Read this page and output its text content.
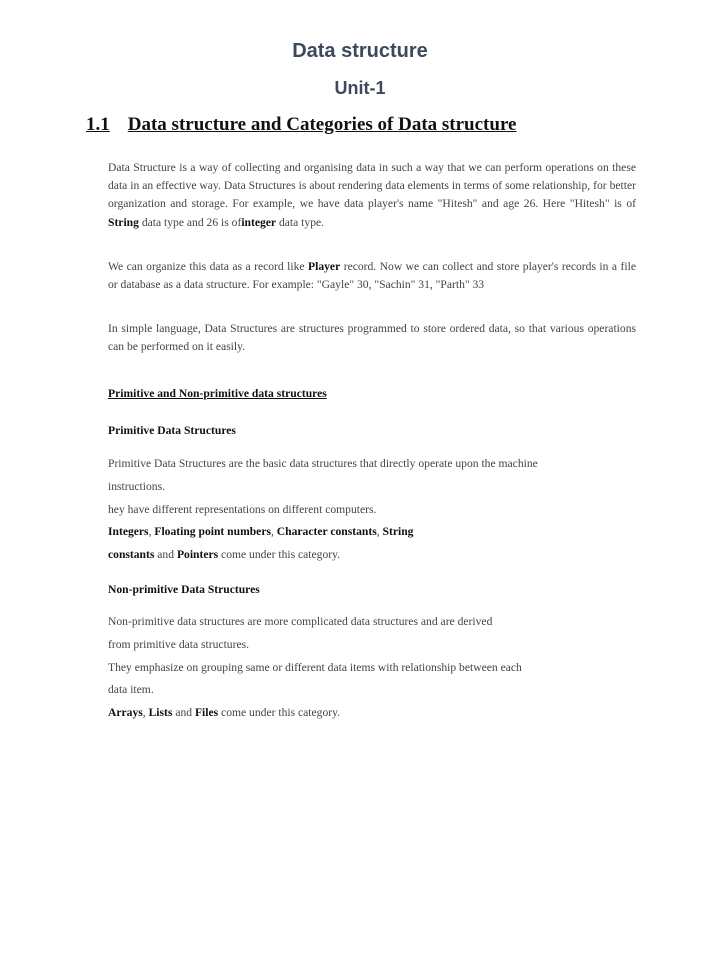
Data structure
Unit-1
1.1 Data structure and Categories of Data structure

Data Structure is a way of collecting and organising data in such a way that we can perform operations on these data in an effective way. Data Structures is about rendering data elements in terms of some relationship, for better organization and storage. For example, we have data player's name "Hitesh" and age 26. Here "Hitesh" is of String data type and 26 is ofinteger data type.

We can organize this data as a record like Player record. Now we can collect and store player's records in a file or database as a data structure. For example: "Gayle" 30, "Sachin" 31, "Parth" 33

In simple language, Data Structures are structures programmed to store ordered data, so that various operations can be performed on it easily.

Primitive and Non-primitive data structures
Primitive Data Structures
Primitive Data Structures are the basic data structures that directly operate upon the machine
instructions.
hey have different representations on different computers.
Integers, Floating point numbers, Character constants, String
constants and Pointers come under this category.
Non-primitive Data Structures
Non-primitive data structures are more complicated data structures and are derived
from primitive data structures.
They emphasize on grouping same or different data items with relationship between each
data item.
Arrays, Lists and Files come under this category.
